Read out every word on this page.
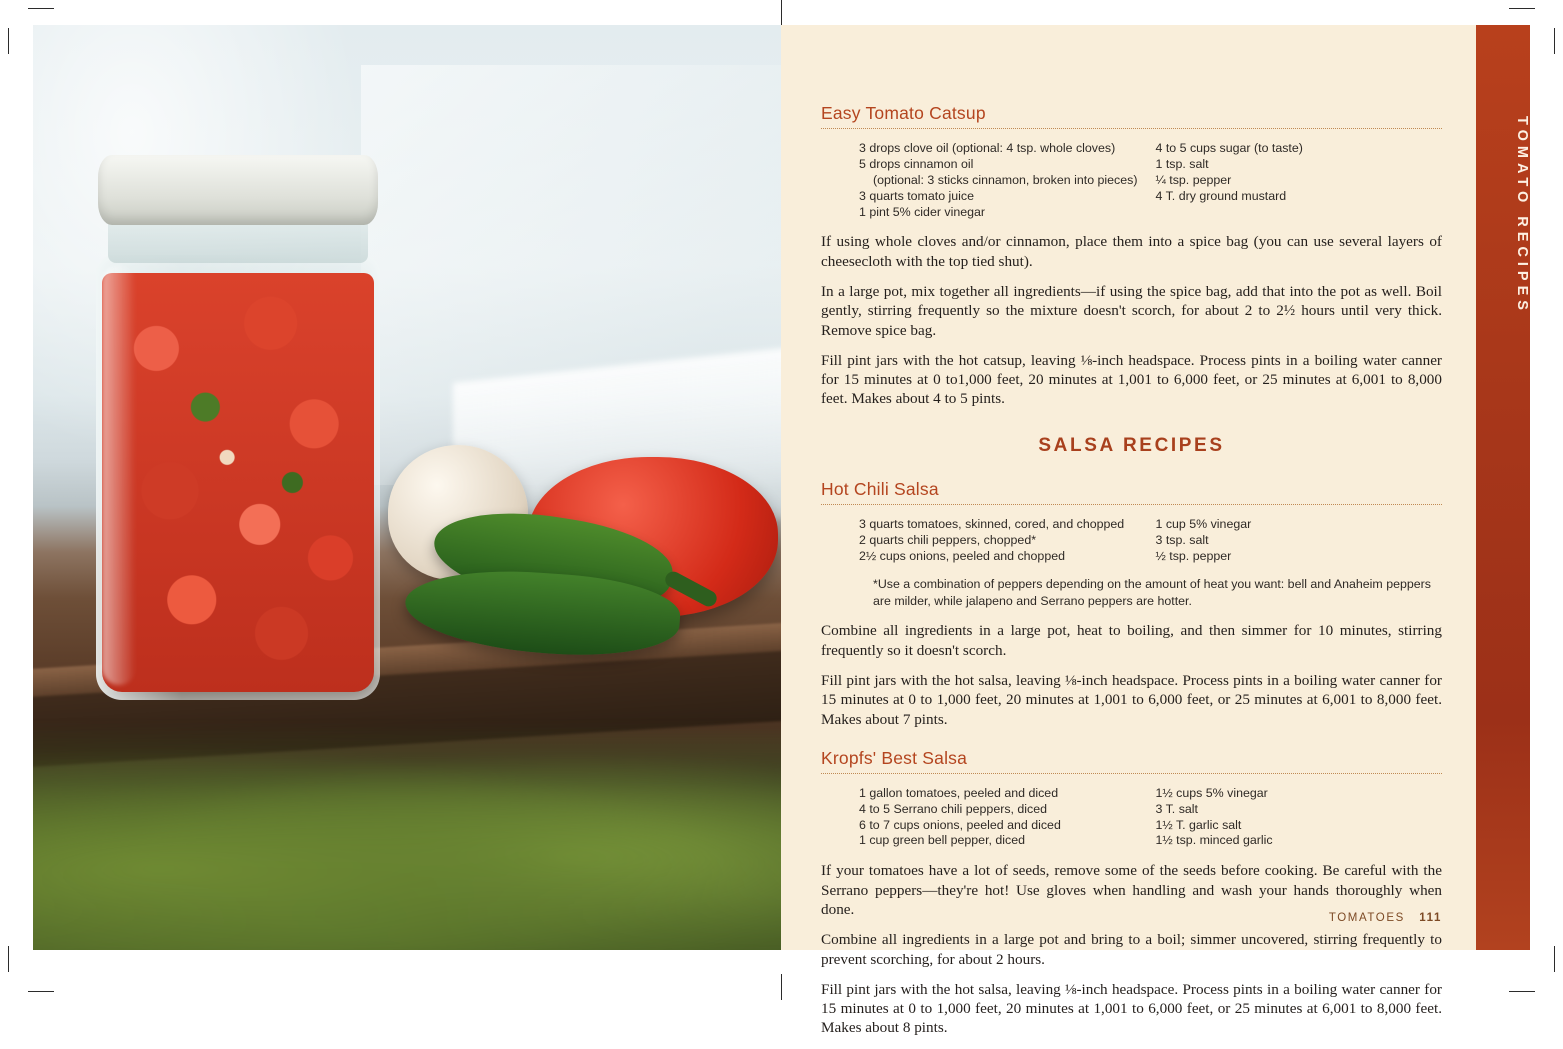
TOMATO RECIPES
Easy Tomato Catsup
3 drops clove oil (optional: 4 tsp. whole cloves)
5 drops cinnamon oil
(optional: 3 sticks cinnamon, broken into pieces)
3 quarts tomato juice
1 pint 5% cider vinegar
4 to 5 cups sugar (to taste)
1 tsp. salt
¼ tsp. pepper
4 T. dry ground mustard

If using whole cloves and/or cinnamon, place them into a spice bag (you can use several layers of cheesecloth with the top tied shut).

In a large pot, mix together all ingredients—if using the spice bag, add that into the pot as well. Boil gently, stirring frequently so the mixture doesn't scorch, for about 2 to 2½ hours until very thick. Remove spice bag.

Fill pint jars with the hot catsup, leaving ⅛-inch headspace. Process pints in a boiling water canner for 15 minutes at 0 to1,000 feet, 20 minutes at 1,001 to 6,000 feet, or 25 minutes at 6,001 to 8,000 feet. Makes about 4 to 5 pints.

SALSA RECIPES
Hot Chili Salsa
3 quarts tomatoes, skinned, cored, and chopped
2 quarts chili peppers, chopped*
2½ cups onions, peeled and chopped
1 cup 5% vinegar
3 tsp. salt
½ tsp. pepper
*Use a combination of peppers depending on the amount of heat you want: bell and Anaheim peppers are milder, while jalapeno and Serrano peppers are hotter.

Combine all ingredients in a large pot, heat to boiling, and then simmer for 10 minutes, stirring frequently so it doesn't scorch.

Fill pint jars with the hot salsa, leaving ⅛-inch headspace. Process pints in a boiling water canner for 15 minutes at 0 to 1,000 feet, 20 minutes at 1,001 to 6,000 feet, or 25 minutes at 6,001 to 8,000 feet. Makes about 7 pints.

Kropfs' Best Salsa
1 gallon tomatoes, peeled and diced
4 to 5 Serrano chili peppers, diced
6 to 7 cups onions, peeled and diced
1 cup green bell pepper, diced
1½ cups 5% vinegar
3 T. salt
1½ T. garlic salt
1½ tsp. minced garlic

If your tomatoes have a lot of seeds, remove some of the seeds before cooking. Be careful with the Serrano peppers—they're hot! Use gloves when handling and wash your hands thoroughly when done.

Combine all ingredients in a large pot and bring to a boil; simmer uncovered, stirring frequently to prevent scorching, for about 2 hours.

Fill pint jars with the hot salsa, leaving ⅛-inch headspace. Process pints in a boiling water canner for 15 minutes at 0 to 1,000 feet, 20 minutes at 1,001 to 6,000 feet, or 25 minutes at 6,001 to 8,000 feet. Makes about 8 pints.

TOMATOES 111
